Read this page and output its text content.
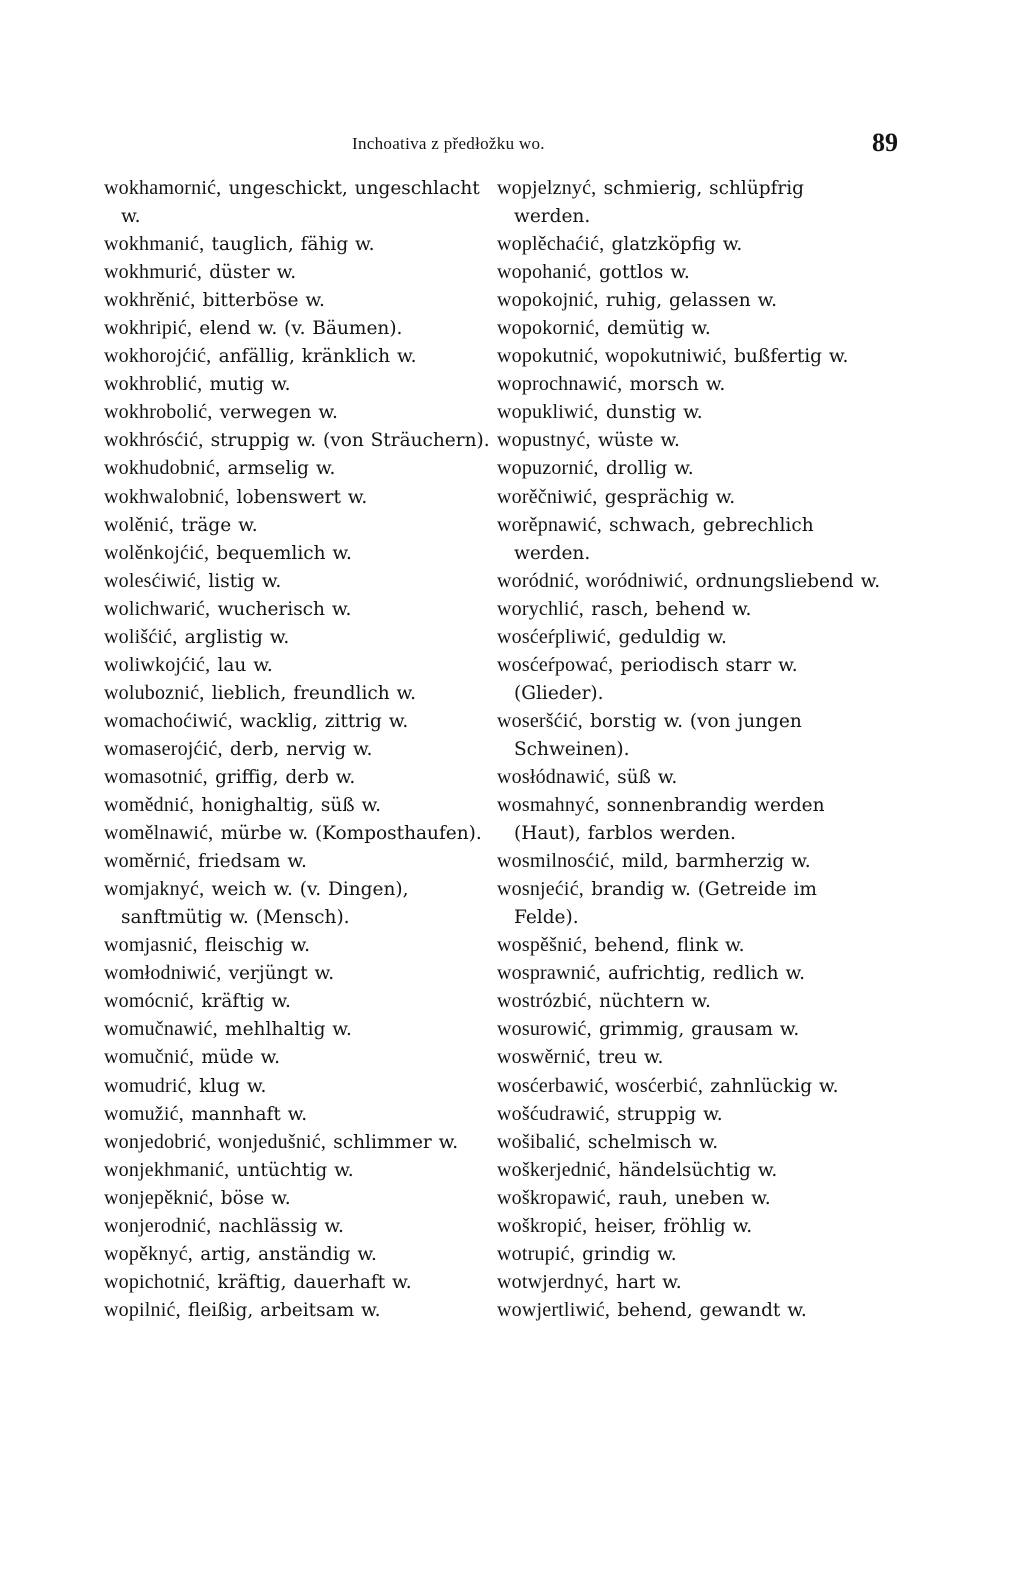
Inchoativa z předłožku wo.	89
wokhamornić, ungeschickt, ungeschlacht w.
wokhmanić, tauglich, fähig w.
wokhmurić, düster w.
wokhrěnić, bitterböse w.
wokhripić, elend w. (v. Bäumen).
wokhorojćić, anfällig, kränklich w.
wokhroblić, mutig w.
wokhrobolić, verwegen w.
wokhrósćić, struppig w. (von Sträuchern).
wokhudobnić, armselig w.
wokhwalobnić, lobenswert w.
wolěnić, träge w.
wolěnkojćić, bequemlich w.
wolesćiwić, listig w.
wolichwarić, wucherisch w.
wolišćić, arglistig w.
woliwkojćić, lau w.
woluboznić, lieblich, freundlich w.
womachoćiwić, wacklig, zittrig w.
womaserojćić, derb, nervig w.
womasotnić, griffig, derb w.
womědnić, honighaltig, süß w.
womělnawić, mürbe w. (Komposthaufen).
woměrnić, friedsam w.
womjaknyć, weich w. (v. Dingen), sanftmütig w. (Mensch).
womjasnić, fleischig w.
womłodniwić, verjüngt w.
womócnić, kräftig w.
womučnawić, mehlhaltig w.
womučnić, müde w.
womudrić, klug w.
womužić, mannhaft w.
wonjedobrić, wonjedušnić, schlimmer w.
wonjekhmanić, untüchtig w.
wonjepěknić, böse w.
wonjerodnić, nachlässig w.
wopěknyć, artig, anständig w.
wopichotnić, kräftig, dauerhaft w.
wopilnić, fleißig, arbeitsam w.
wopjelznyć, schmierig, schlüpfrig werden.
woplěchaćić, glatzköpfig w.
wopohanić, gottlos w.
wopokojnić, ruhig, gelassen w.
wopokornić, demütig w.
wopokutnić, wopokutniwić, bußfertig w.
woprochnawić, morsch w.
wopukliwić, dunstig w.
wopustnyć, wüste w.
wopuzornić, drollig w.
worěčniwić, gesprächig w.
worěpnawić, schwach, gebrechlich werden.
woródnić, woródniwić, ordnungsliebend w.
worychlić, rasch, behend w.
wosćeŕpliwić, geduldig w.
wosćeŕpować, periodisch starr w. (Glieder).
woseršćić, borstig w. (von jungen Schweinen).
wosłódnawić, süß w.
wosmahnyć, sonnenbrandig werden (Haut), farblos werden.
wosmilnosćić, mild, barmherzig w.
wosnjećić, brandig w. (Getreide im Felde).
wospěšnić, behend, flink w.
wosprawnić, aufrichtig, redlich w.
wostrózbić, nüchtern w.
wosurowić, grimmig, grausam w.
woswěrnić, treu w.
wosćerbawić, wosćerbić, zahnlückig w.
wošćudrawić, struppig w.
wošibalić, schelmisch w.
woškerjednić, händelsüchtig w.
woškropawić, rauh, uneben w.
woškropić, heiser, fröhlig w.
wotrupić, grindig w.
wotwjerdnyć, hart w.
wowjertliwić, behend, gewandt w.
